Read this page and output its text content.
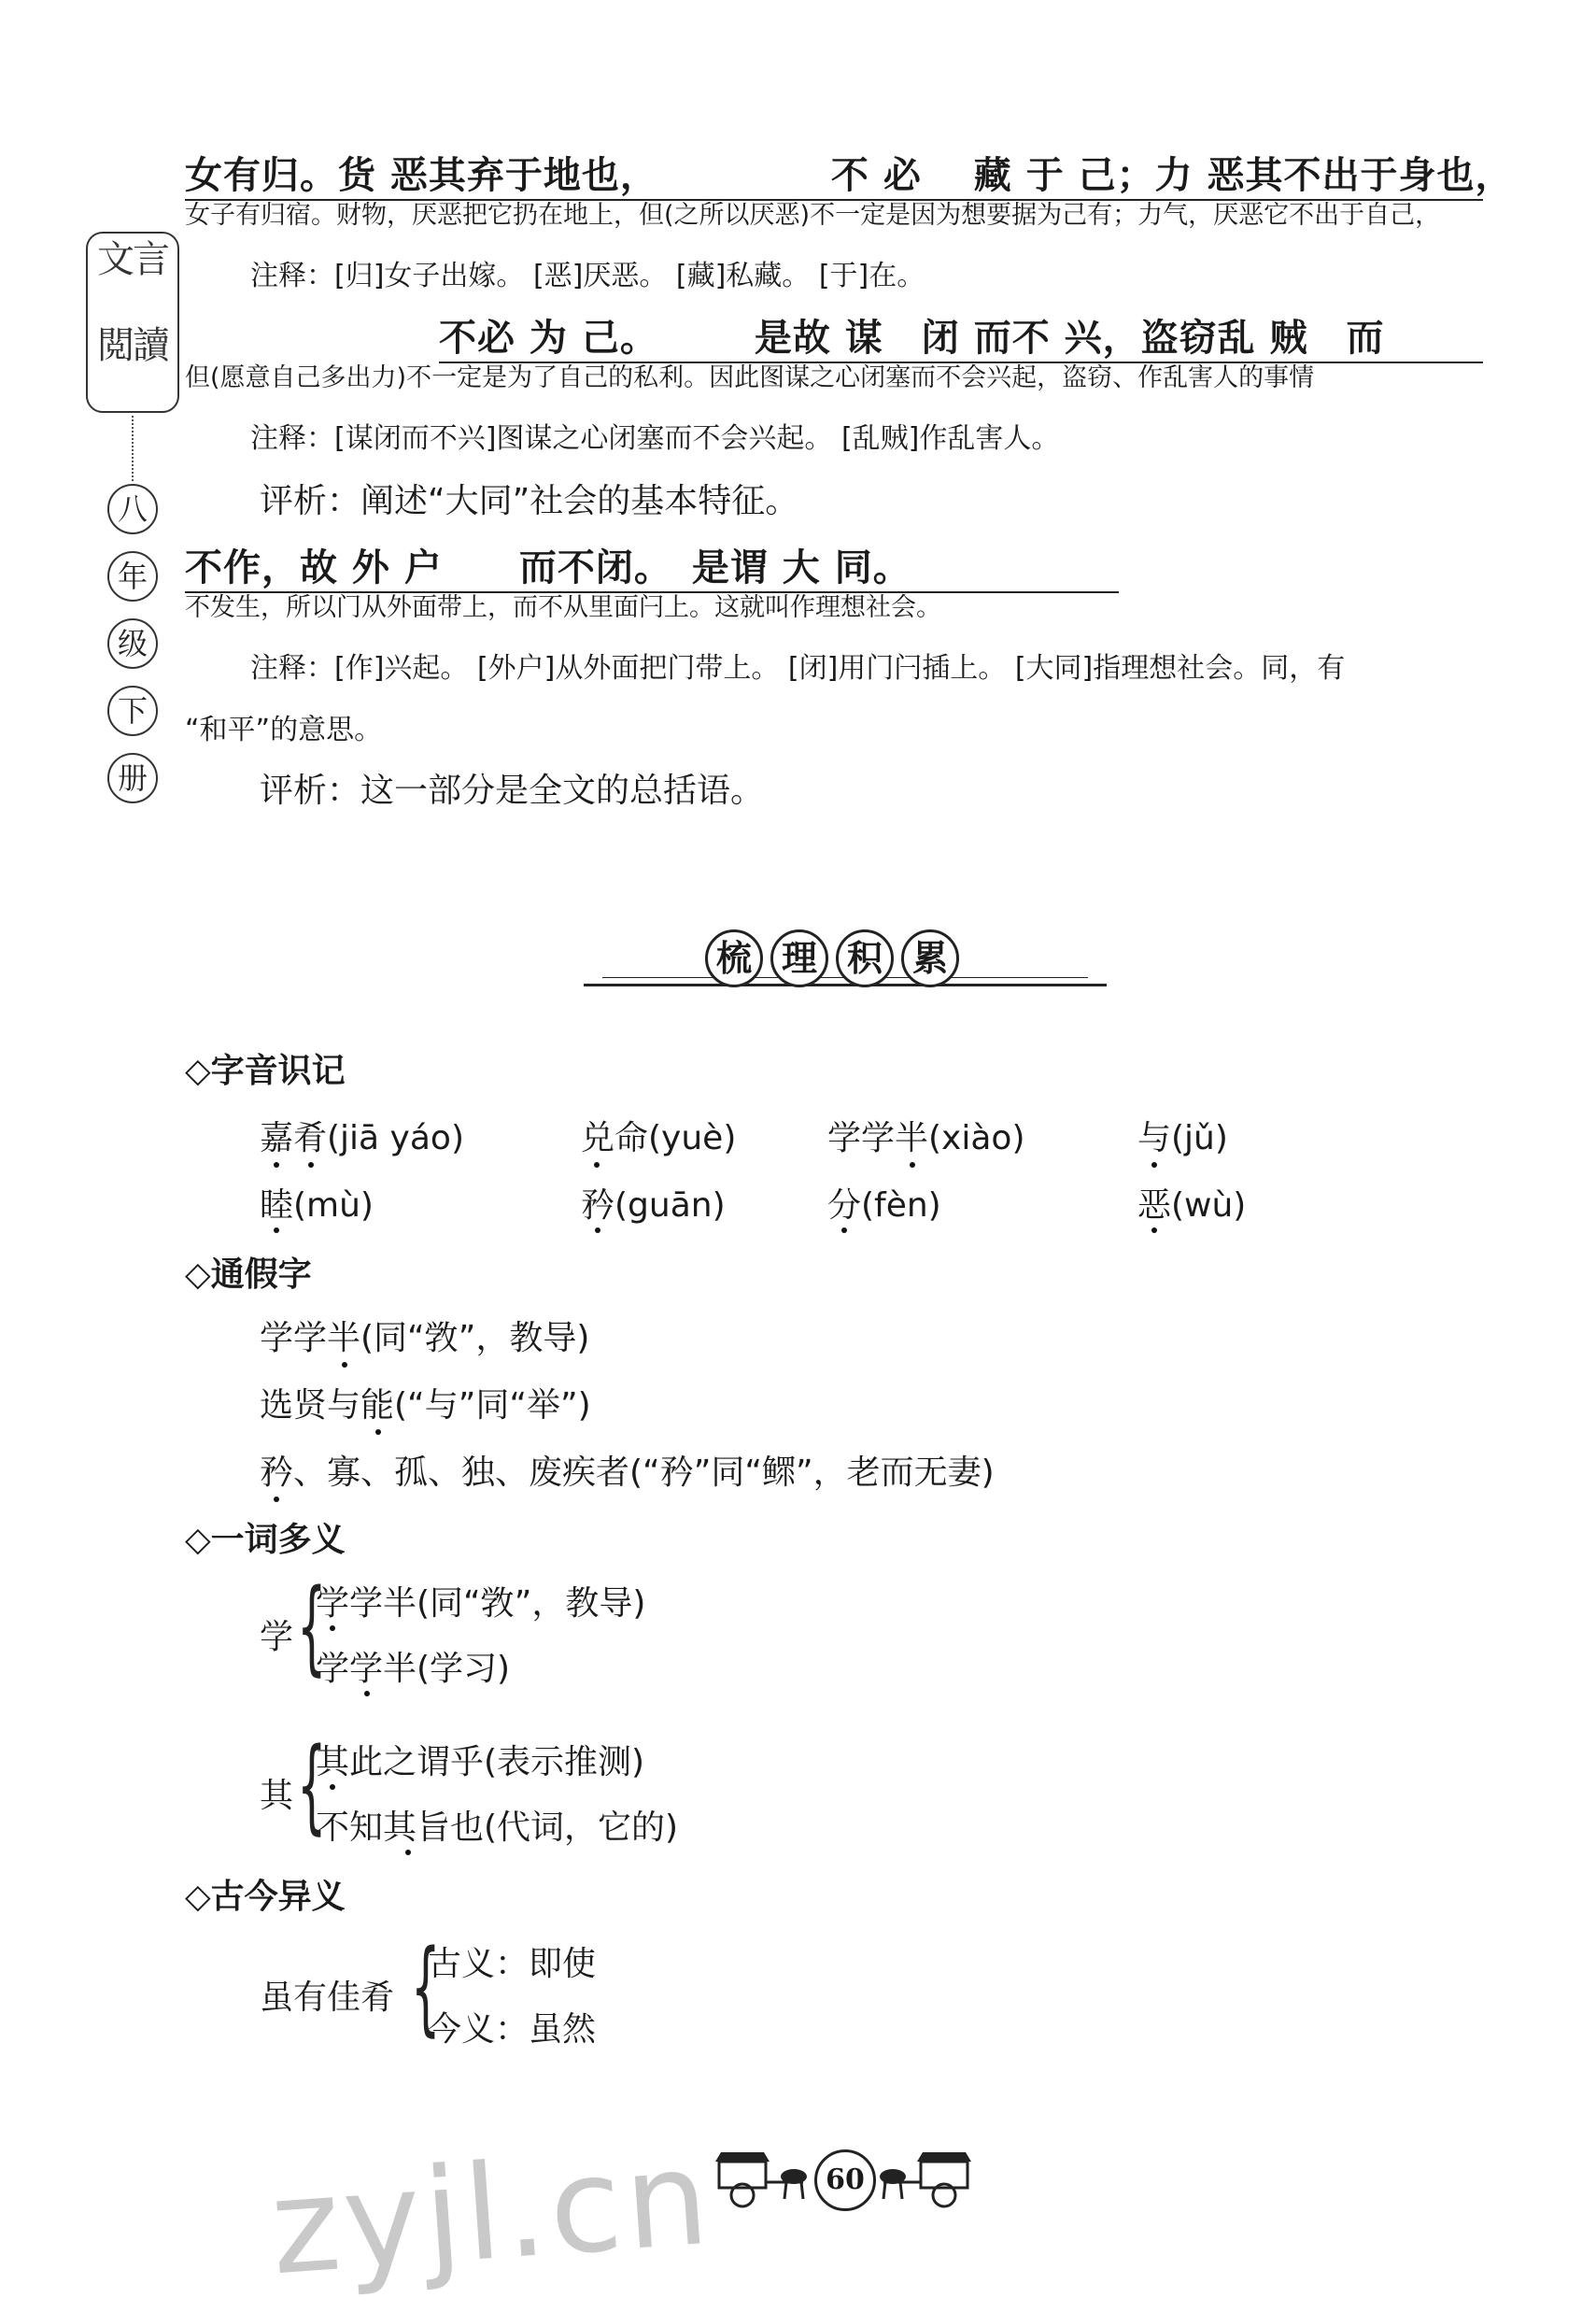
文
言
閲
讀
八
年
级
下
册
女有归。货 恶其弃于地也，　　　　　不 必　 藏 于 己；力 恶其不出于身也，
女子有归宿。财物，厌恶把它扔在地上，但(之所以厌恶)不一定是因为想要据为己有；力气，厌恶它不出于自己，
注释：[归]女子出嫁。 [恶]厌恶。 [藏]私藏。 [于]在。
不必 为 己。　　　是故 谋　闭 而不 兴，盗窃乱 贼　而
但(愿意自己多出力)不一定是为了自己的私利。因此图谋之心闭塞而不会兴起，盗窃、作乱害人的事情
注释：[谋闭而不兴]图谋之心闭塞而不会兴起。 [乱贼]作乱害人。
评析：阐述“大同”社会的基本特征。
不作，故 外 户　　而不闭。　是谓 大 同。
不发生，所以门从外面带上，而不从里面闩上。这就叫作理想社会。
注释：[作]兴起。 [外户]从外面把门带上。 [闭]用门闩插上。 [大同]指理想社会。同，有
“和平”的意思。
评析：这一部分是全文的总括语。
梳 理 积 累
◇字音识记
嘉肴(jiā yáo)	兑命(yuè)	学学半(xiào)	与(jǔ)
睦(mù)	矜(guān)	分(fèn)	恶(wù)
◇通假字
学学半(同“敩”，教导)
选贤与能(“与”同“举”)
矜、寡、孤、独、废疾者(“矜”同“鳏”，老而无妻)
◇一词多义
学 {
学学半(同“敩”，教导)
学学半(学习)
其 {
其此之谓乎(表示推测)
不知其旨也(代词，它的)
◇古今异义
虽有佳肴 {
古义：即使
今义：虽然
60
zyjl.cn
